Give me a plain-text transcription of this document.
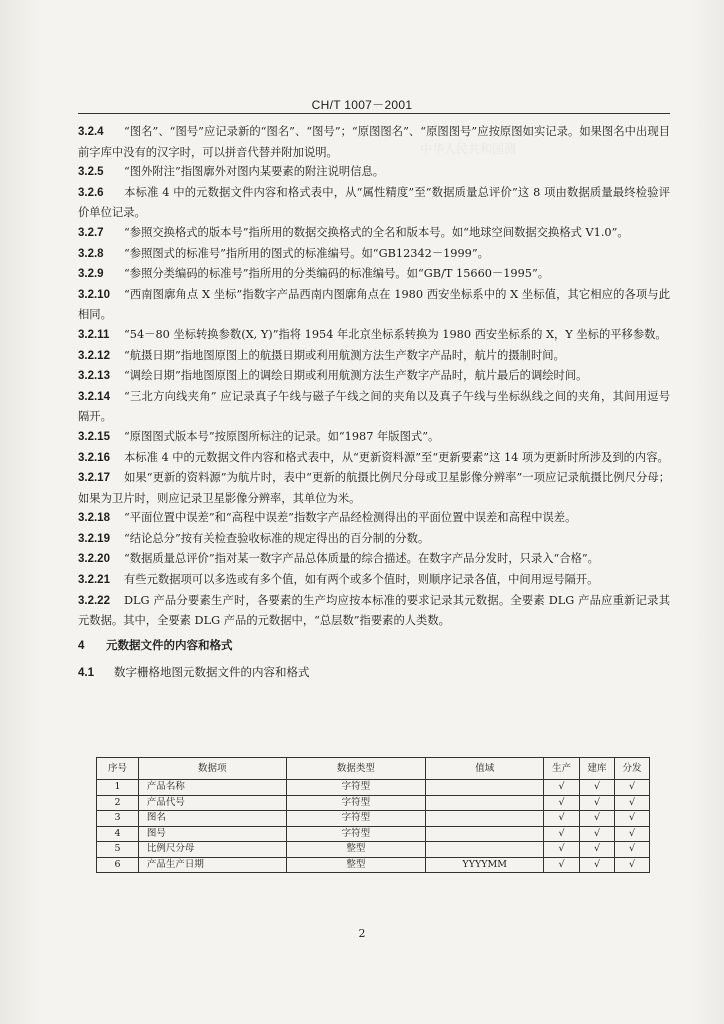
中华人民共和国测
CH/T 1007－2001

3.2.4 “图名”、“图号”应记录新的“图名”、“图号”；“原图图名”、“原图图号”应按原图如实记录。如果图名中出现目前字库中没有的汉字时，可以拼音代替并附加说明。

3.2.5 “图外附注”指图廓外对图内某要素的附注说明信息。

3.2.6 本标准 4 中的元数据文件内容和格式表中，从“属性精度”至“数据质量总评价”这 8 项由数据质量最终检验评价单位记录。

3.2.7 “参照交换格式的版本号”指所用的数据交换格式的全名和版本号。如“地球空间数据交换格式 V1.0”。

3.2.8 “参照图式的标准号”指所用的图式的标准编号。如“GB12342－1999”。

3.2.9 “参照分类编码的标准号”指所用的分类编码的标准编号。如“GB/T 15660－1995”。

3.2.10 “西南图廓角点 X 坐标”指数字产品西南内图廓角点在 1980 西安坐标系中的 X 坐标值，其它相应的各项与此相同。

3.2.11 “54－80 坐标转换参数(X, Y)”指将 1954 年北京坐标系转换为 1980 西安坐标系的 X，Y 坐标的平移参数。

3.2.12 “航摄日期”指地图原图上的航摄日期或利用航测方法生产数字产品时，航片的摄制时间。

3.2.13 “调绘日期”指地图原图上的调绘日期或利用航测方法生产数字产品时，航片最后的调绘时间。

3.2.14 “三北方向线夹角” 应记录真子午线与磁子午线之间的夹角以及真子午线与坐标纵线之间的夹角，其间用逗号隔开。

3.2.15 “原图图式版本号”按原图所标注的记录。如“1987 年版图式”。

3.2.16 本标准 4 中的元数据文件内容和格式表中，从“更新资料源”至“更新要素”这 14 项为更新时所涉及到的内容。

3.2.17 如果“更新的资料源”为航片时，表中“更新的航摄比例尺分母或卫星影像分辨率”一项应记录航摄比例尺分母；如果为卫片时，则应记录卫星影像分辨率，其单位为米。

3.2.18 “平面位置中误差”和“高程中误差”指数字产品经检测得出的平面位置中误差和高程中误差。

3.2.19 “结论总分”按有关检查验收标准的规定得出的百分制的分数。

3.2.20 “数据质量总评价”指对某一数字产品总体质量的综合描述。在数字产品分发时，只录入“合格”。

3.2.21 有些元数据项可以多选或有多个值，如有两个或多个值时，则顺序记录各值，中间用逗号隔开。

3.2.22 DLG 产品分要素生产时，各要素的生产均应按本标准的要求记录其元数据。全要素 DLG 产品应重新记录其元数据。其中，全要素 DLG 产品的元数据中，“总层数”指要素的人类数。

4 元数据文件的内容和格式
4.1 数字栅格地图元数据文件的内容和格式
序号	数据项	数据类型	值域	生产	建库	分发
1	产品名称	字符型		√	√	√
2	产品代号	字符型		√	√	√
3	图名	字符型		√	√	√
4	图号	字符型		√	√	√
5	比例尺分母	整型		√	√	√
6	产品生产日期	整型	YYYYMM	√	√	√
2
